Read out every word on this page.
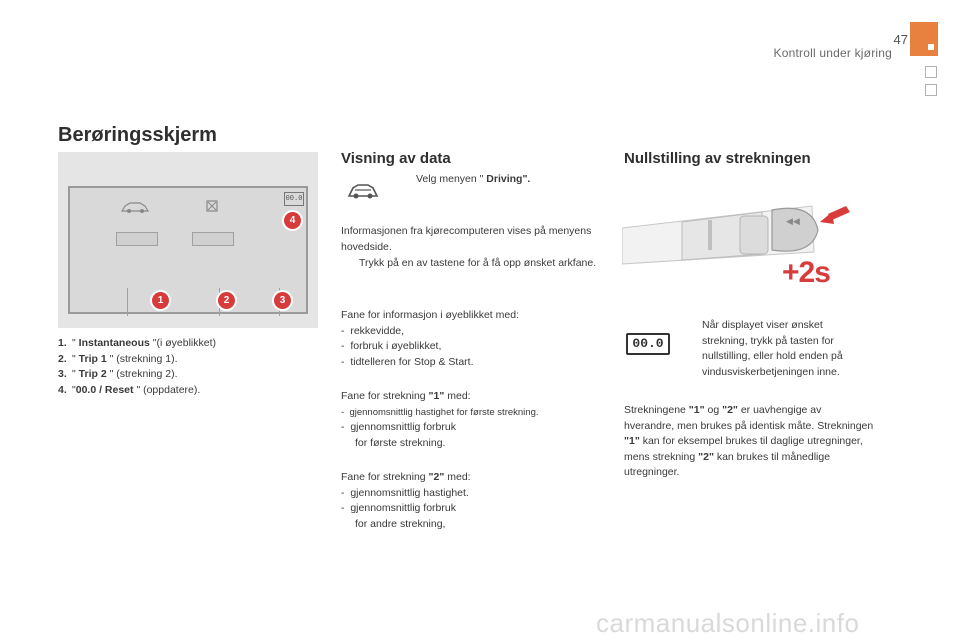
47
Kontroll under kjøring
Berøringsskjerm
00.0
1	2	3
4
1. " Instantaneous "(i øyeblikket)
2. " Trip 1 " (strekning 1).
3. " Trip 2 " (strekning 2).
4. "00.0 / Reset " (oppdatere).
Visning av data
Velg menyen " Driving".
Informasjonen fra kjørecomputeren vises på menyens hovedside.
Trykk på en av tastene for å få opp ønsket arkfane.
Fane for informasjon i øyeblikket med:
-  rekkevidde,
-  forbruk i øyeblikket,
-  tidtelleren for Stop & Start.
Fane for strekning "1" med:
-  gjennomsnittlig hastighet for første strekning.
-  gjennomsnittlig forbruk
for første strekning.
Fane for strekning "2" med:
-  gjennomsnittlig hastighet.
-  gjennomsnittlig forbruk
for andre strekning,
Nullstilling av strekningen
◀◀
+2s
00.0
Når displayet viser ønsket
strekning, trykk på tasten for
nullstilling, eller hold enden på
vindusviskerbetjeningen inne.
Strekningene "1" og "2" er uavhengige av hverandre, men brukes på identisk måte. Strekningen "1" kan for eksempel brukes til daglige utregninger, mens strekning "2" kan brukes til månedlige utregninger.
carmanualsonline.info
